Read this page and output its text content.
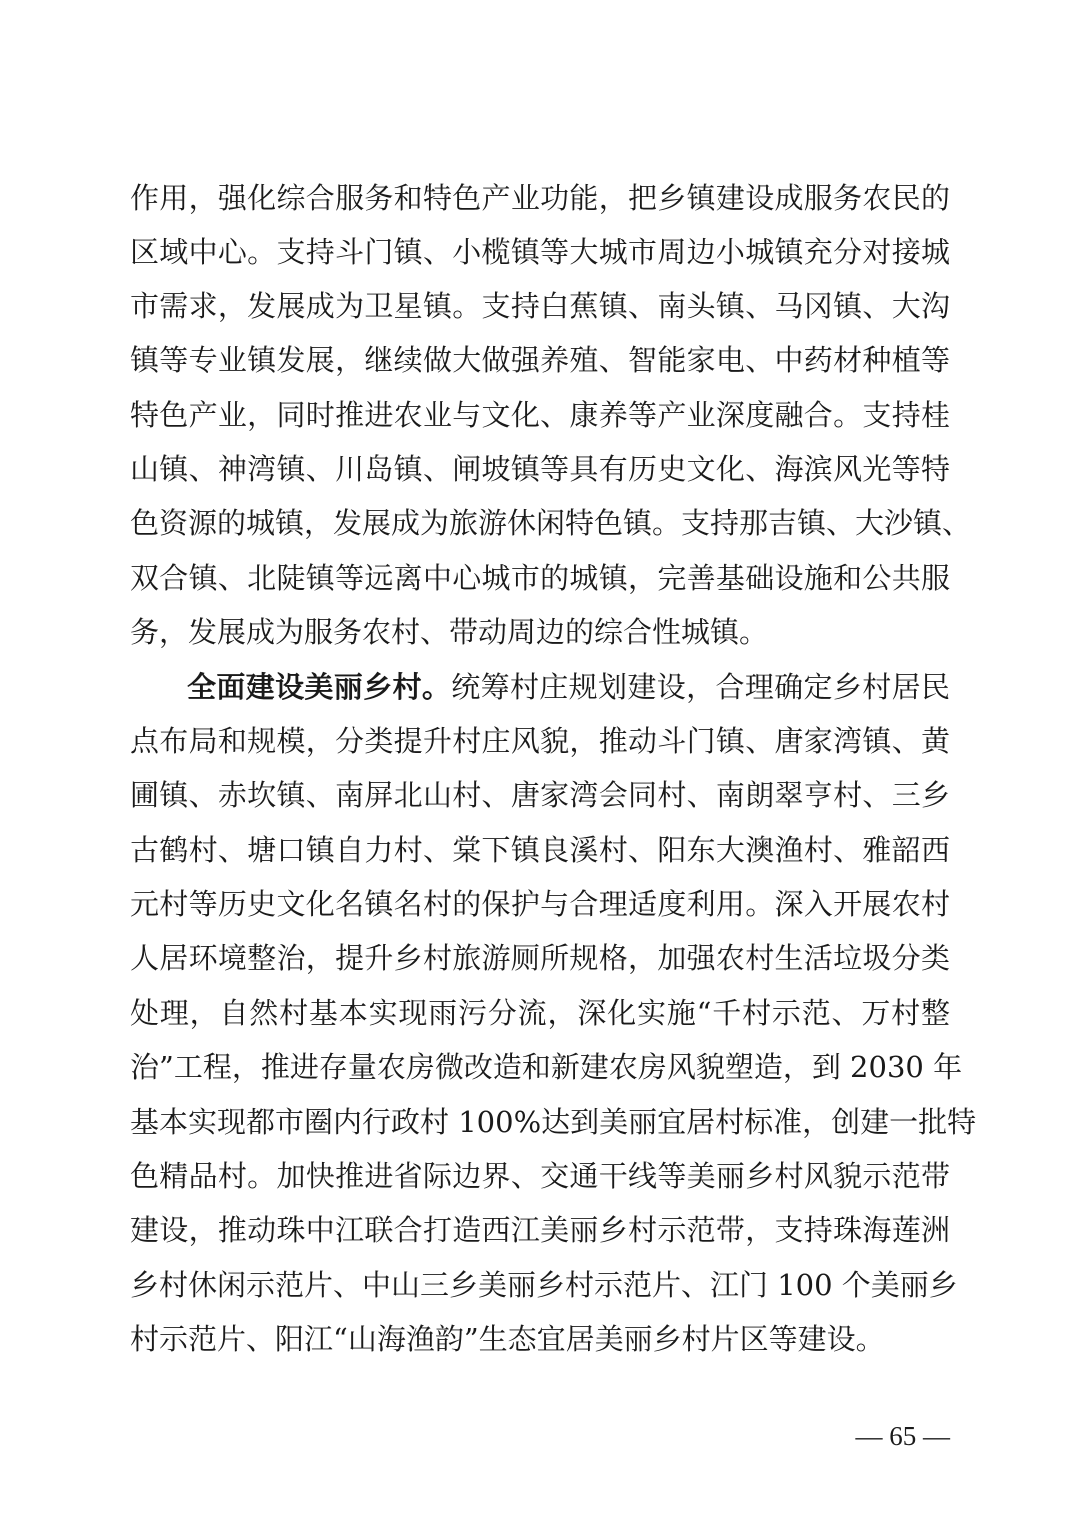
作用，强化综合服务和特色产业功能，把乡镇建设成服务农民的
区域中心。支持斗门镇、小榄镇等大城市周边小城镇充分对接城
市需求，发展成为卫星镇。支持白蕉镇、南头镇、马冈镇、大沟
镇等专业镇发展，继续做大做强养殖、智能家电、中药材种植等
特色产业，同时推进农业与文化、康养等产业深度融合。支持桂
山镇、神湾镇、川岛镇、闸坡镇等具有历史文化、海滨风光等特
色资源的城镇，发展成为旅游休闲特色镇。支持那吉镇、大沙镇、
双合镇、北陡镇等远离中心城市的城镇，完善基础设施和公共服
务，发展成为服务农村、带动周边的综合性城镇。
全面建设美丽乡村。统筹村庄规划建设，合理确定乡村居民
点布局和规模，分类提升村庄风貌，推动斗门镇、唐家湾镇、黄
圃镇、赤坎镇、南屏北山村、唐家湾会同村、南朗翠亨村、三乡
古鹤村、塘口镇自力村、棠下镇良溪村、阳东大澳渔村、雅韶西
元村等历史文化名镇名村的保护与合理适度利用。深入开展农村
人居环境整治，提升乡村旅游厕所规格，加强农村生活垃圾分类
处理，自然村基本实现雨污分流，深化实施“千村示范、万村整
治”工程，推进存量农房微改造和新建农房风貌塑造，到 2030 年
基本实现都市圈内行政村 100%达到美丽宜居村标准，创建一批特
色精品村。加快推进省际边界、交通干线等美丽乡村风貌示范带
建设，推动珠中江联合打造西江美丽乡村示范带，支持珠海莲洲
乡村休闲示范片、中山三乡美丽乡村示范片、江门 100 个美丽乡
村示范片、阳江“山海渔韵”生态宜居美丽乡村片区等建设。
— 65 —
